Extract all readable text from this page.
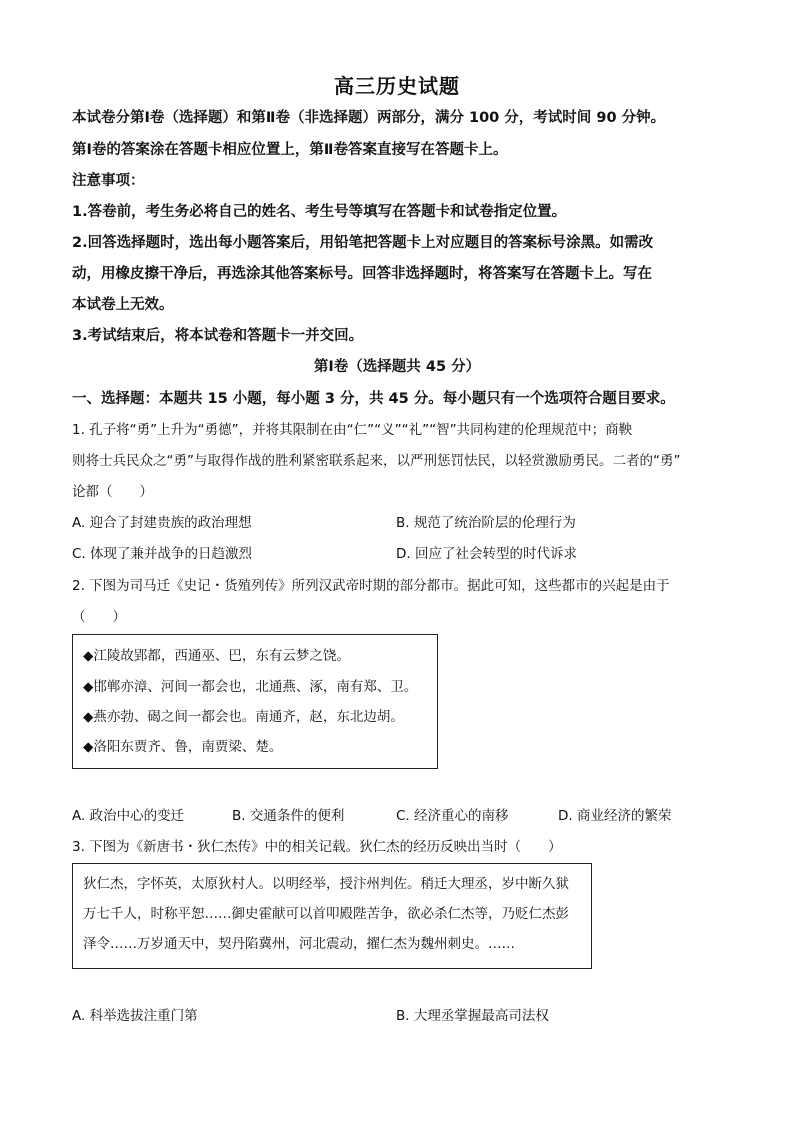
高三历史试题
本试卷分第Ⅰ卷（选择题）和第Ⅱ卷（非选择题）两部分，满分 100 分，考试时间 90 分钟。
第Ⅰ卷的答案涂在答题卡相应位置上，第Ⅱ卷答案直接写在答题卡上。
注意事项：
1.答卷前，考生务必将自己的姓名、考生号等填写在答题卡和试卷指定位置。
2.回答选择题时，选出每小题答案后，用铅笔把答题卡上对应题目的答案标号涂黑。如需改
动，用橡皮擦干净后，再选涂其他答案标号。回答非选择题时，将答案写在答题卡上。写在
本试卷上无效。
3.考试结束后，将本试卷和答题卡一并交回。
第Ⅰ卷（选择题共 45 分）
一、选择题：本题共 15 小题，每小题 3 分，共 45 分。每小题只有一个选项符合题目要求。
1. 孔子将“勇”上升为“勇德”，并将其限制在由“仁”“义”“礼”“智”共同构建的伦理规范中；商鞅
则将士兵民众之“勇”与取得作战的胜利紧密联系起来，以严刑惩罚怯民，以轻赏激励勇民。二者的“勇”
论都（　　）
A. 迎合了封建贵族的政治理想	B. 规范了统治阶层的伦理行为
C. 体现了兼并战争的日趋激烈	D. 回应了社会转型的时代诉求
2. 下图为司马迁《史记・货殖列传》所列汉武帝时期的部分都市。据此可知，这些都市的兴起是由于
（　　）
◆江陵故郢都，西通巫、巴，东有云梦之饶。
◆邯郸亦漳、河间一都会也，北通燕、涿，南有郑、卫。
◆燕亦勃、碣之间一都会也。南通齐，赵，东北边胡。
◆洛阳东贾齐、鲁，南贾梁、楚。
A. 政治中心的变迁	B. 交通条件的便利	C. 经济重心的南移	D. 商业经济的繁荣
3. 下图为《新唐书・狄仁杰传》中的相关记载。狄仁杰的经历反映出当时（　　）
狄仁杰，字怀英，太原狄村人。以明经举，授汴州判佐。稍迁大理丞，岁中断久狱
万七千人，时称平恕……御史霍献可以首叩殿陛苦争，欲必杀仁杰等，乃贬仁杰彭
泽令……万岁通天中，契丹陷冀州，河北震动，擢仁杰为魏州刺史。……
A. 科举选拔注重门第	B. 大理丞掌握最高司法权
